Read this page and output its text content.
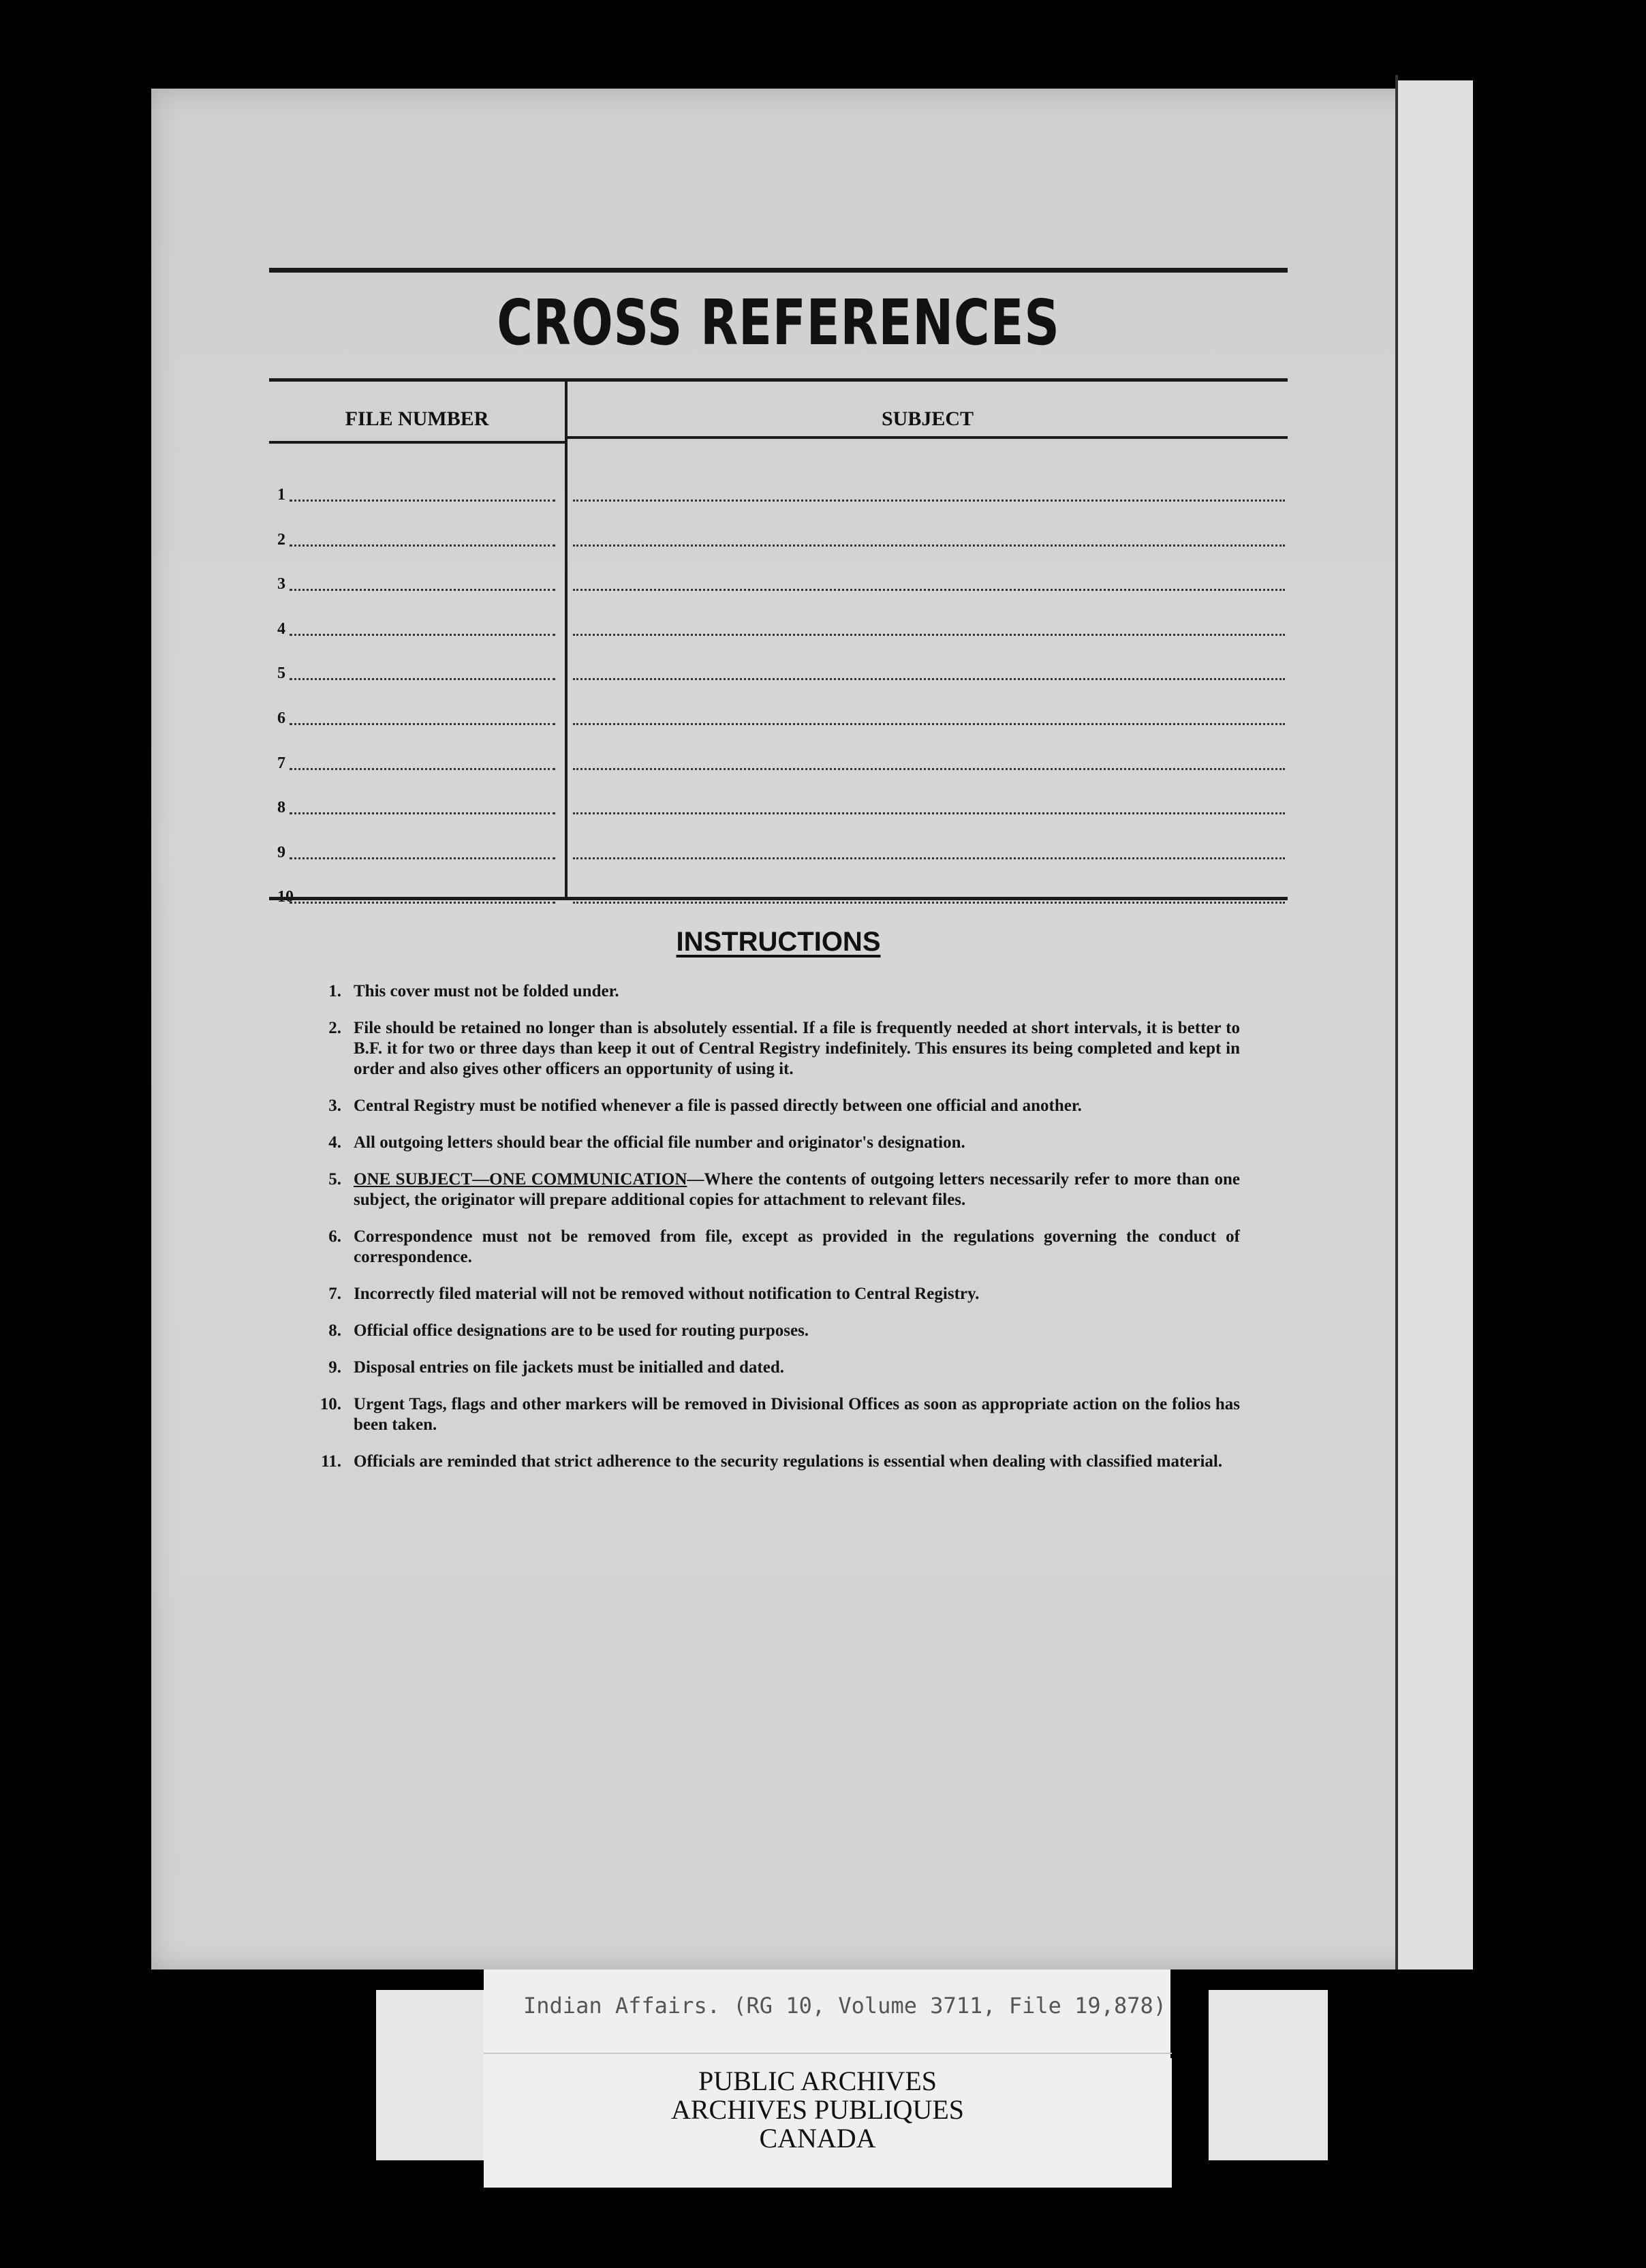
CROSS REFERENCES
FILE NUMBER	SUBJECT
1
2
3
4
5
6
7
8
9
INSTRUCTIONS
1. This cover must not be folded under.
2. File should be retained no longer than is absolutely essential. If a file is frequently needed at short intervals, it is better to B.F. it for two or three days than keep it out of Central Registry indefinitely. This ensures its being completed and kept in order and also gives other officers an opportunity of using it.
3. Central Registry must be notified whenever a file is passed directly between one official and another.
4. All outgoing letters should bear the official file number and originator's designation.
5. ONE SUBJECT—ONE COMMUNICATION—Where the contents of outgoing letters necessarily refer to more than one subject, the originator will prepare additional copies for attachment to relevant files.
6. Correspondence must not be removed from file, except as provided in the regulations governing the conduct of correspondence.
7. Incorrectly filed material will not be removed without notification to Central Registry.
8. Official office designations are to be used for routing purposes.
9. Disposal entries on file jackets must be initialled and dated.
10. Urgent Tags, flags and other markers will be removed in Divisional Offices as soon as appropriate action on the folios has been taken.
11. Officials are reminded that strict adherence to the security regulations is essential when dealing with classified material.
Indian Affairs. (RG 10, Volume 3711, File 19,878)
PUBLIC ARCHIVES
ARCHIVES PUBLIQUES
CANADA
